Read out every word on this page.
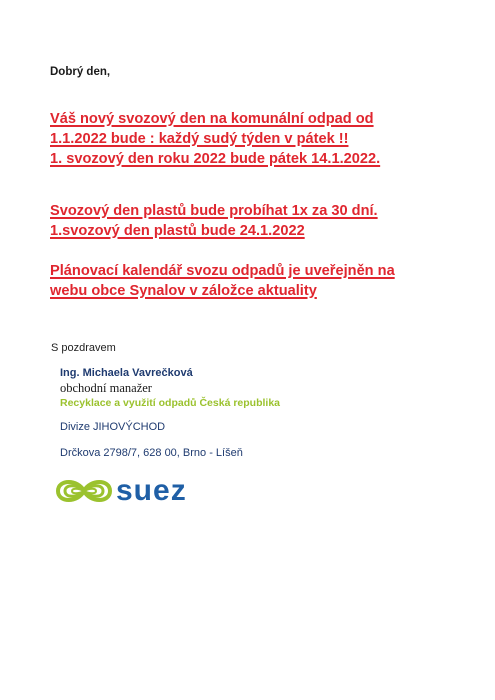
Dobrý den,
Váš nový svozový den na komunální odpad od
1.1.2022 bude : každý sudý týden v pátek !!
1. svozový den roku 2022 bude pátek 14.1.2022.
Svozový den plastů bude probíhat 1x za 30 dní.
1.svozový den plastů bude 24.1.2022
Plánovací kalendář svozu odpadů je uveřejněn na
webu obce Synalov v záložce aktuality
S pozdravem
Ing. Michaela Vavrečková
obchodní manažer
Recyklace a využití odpadů Česká republika
Divize JIHOVÝCHOD
Drčkova 2798/7, 628 00, Brno - Líšeň
suez
